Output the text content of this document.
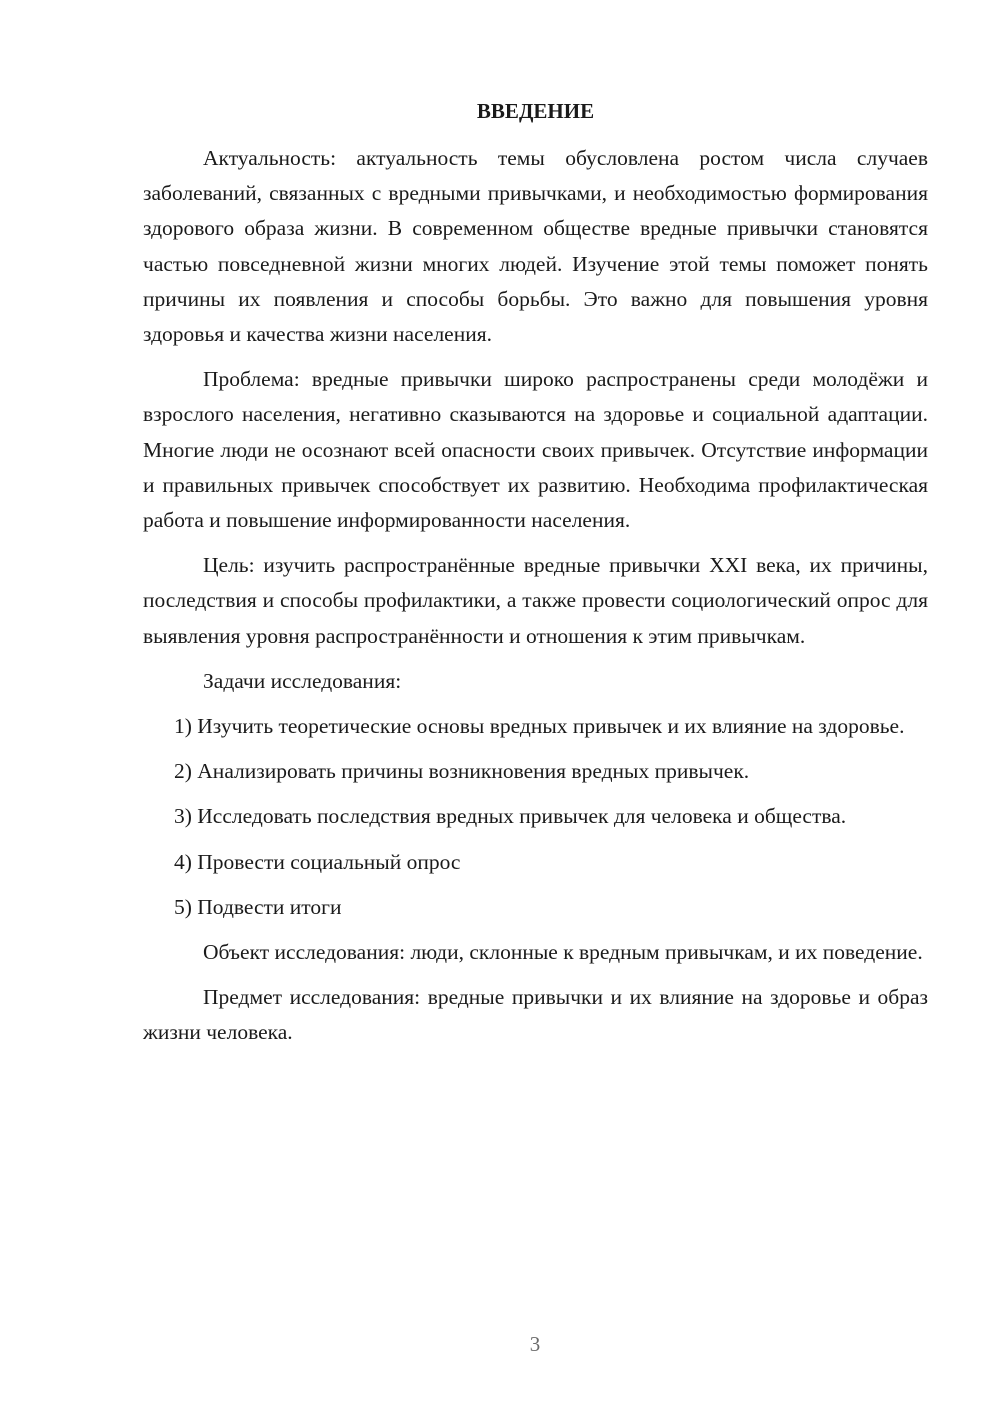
ВВЕДЕНИЕ

Актуальность: актуальность темы обусловлена ростом числа случаев заболеваний, связанных с вредными привычками, и необходимостью формирования здорового образа жизни. В современном обществе вредные привычки становятся частью повседневной жизни многих людей. Изучение этой темы поможет понять причины их появления и способы борьбы. Это важно для повышения уровня здоровья и качества жизни населения.

Проблема: вредные привычки широко распространены среди молодёжи и взрослого населения, негативно сказываются на здоровье и социальной адаптации. Многие люди не осознают всей опасности своих привычек. Отсутствие информации и правильных привычек способствует их развитию. Необходима профилактическая работа и повышение информированности населения.

Цель: изучить распространённые вредные привычки XXI века, их причины, последствия и способы профилактики, а также провести социологический опрос для выявления уровня распространённости и отношения к этим привычкам.

Задачи исследования:

1) Изучить теоретические основы вредных привычек и их влияние на здоровье.

2) Анализировать причины возникновения вредных привычек.

3) Исследовать последствия вредных привычек для человека и общества.

4) Провести социальный опрос

5) Подвести итоги

Объект исследования: люди, склонные к вредным привычкам, и их поведение.

Предмет исследования: вредные привычки и их влияние на здоровье и образ жизни человека.

3
